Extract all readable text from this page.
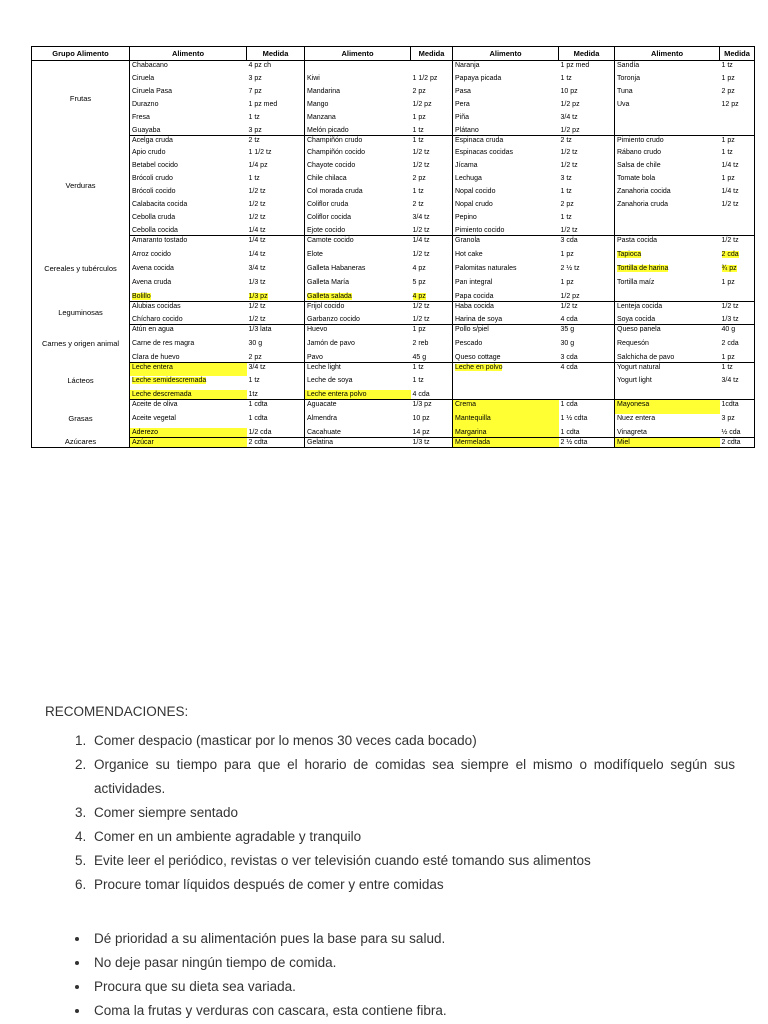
Grupo Alimento	Alimento	Medida	Alimento	Medida	Alimento	Medida	Alimento	Medida
Frutas	Chabacano	4 pz ch			Naranja	1 pz med	Sandía	1 tz

	Ciruela	3 pz	Kiwi	1 1/2 pz	Papaya picada	1 tz	Toronja	1 pz

	Ciruela Pasa	7 pz	Mandarina	2 pz	Pasa	10 pz	Tuna	2 pz

	Durazno	1 pz med	Mango	1/2 pz	Pera	1/2 pz	Uva	12 pz

	Fresa	1 tz	Manzana	1 pz	Piña	3/4 tz		

	Guayaba	3 pz	Melón picado	1 tz	Plátano	1/2 pz		

Verduras	Acelga cruda	2 tz	Champiñón crudo	1 tz	Espinaca cruda	2 tz	Pimiento crudo	1 pz

	Apio crudo	1 1/2 tz	Champiñón cocido	1/2 tz	Espinacas cocidas	1/2 tz	Rábano crudo	1 tz

	Betabel cocido	1/4 pz	Chayote cocido	1/2 tz	Jícama	1/2 tz	Salsa de chile	1/4 tz

	Brócoli crudo	1 tz	Chile chilaca	2 pz	Lechuga	3 tz	Tomate bola	1 pz

	Brócoli cocido	1/2 tz	Col morada cruda	1 tz	Nopal cocido	1 tz	Zanahoria cocida	1/4 tz

	Calabacita cocida	1/2 tz	Coliflor cruda	2 tz	Nopal crudo	2 pz	Zanahoria cruda	1/2 tz

	Cebolla cruda	1/2 tz	Coliflor cocida	3/4 tz	Pepino	1 tz		

	Cebolla cocida	1/4 tz	Ejote cocido	1/2 tz	Pimiento cocido	1/2 tz		

Cereales y tubérculos	Amaranto tostado	1/4 tz	Camote cocido	1/4 tz	Granola	3 cda	Pasta cocida	1/2 tz

	Arroz cocido	1/4 tz	Elote	1/2 tz	Hot cake	1 pz	Tapioca	2 cda

	Avena cocida	3/4 tz	Galleta Habaneras	4 pz	Palomitas naturales	2 ½ tz	Tortilla de harina	¾ pz

	Avena cruda	1/3 tz	Galleta María	5 pz	Pan integral	1 pz	Tortilla maíz	1 pz

	Bolillo	1/3 pz	Galleta salada	4 pz	Papa cocida	1/2 pz		

Leguminosas	Alubias cocidas	1/2 tz	Frijol cocido	1/2 tz	Haba cocida	1/2 tz	Lenteja cocida	1/2 tz

	Chícharo cocido	1/2 tz	Garbanzo cocido	1/2 tz	Harina de soya	4 cda	Soya cocida	1/3 tz

Carnes y origen animal	Atún en agua	1/3 lata	Huevo	1 pz	Pollo s/piel	35 g	Queso panela	40 g

	Carne de res magra	30 g	Jamón de pavo	2 reb	Pescado	30 g	Requesón	2 cda

	Clara de huevo	2 pz	Pavo	45 g	Queso cottage	3 cda	Salchicha de pavo	1 pz

Lácteos	Leche entera	3/4 tz	Leche light	1 tz	Leche en polvo	4 cda	Yogurt natural	1 tz

	Leche semidescremada	1 tz	Leche de soya	1 tz			Yogurt light	3/4 tz

	Leche descremada	1tz	Leche entera polvo	4 cda				

Grasas	Aceite de oliva	1 cdta	Aguacate	1/3 pz	Crema	1 cda	Mayonesa	1cdta

	Aceite vegetal	1 cdta	Almendra	10 pz	Mantequilla	1 ½ cdta	Nuez entera	3 pz

	Aderezo	1/2 cda	Cacahuate	14 pz	Margarina	1 cdta	Vinagreta	½ cda

Azúcares	Azúcar	2 cdta	Gelatina	1/3 tz	Mermelada	2 ½ cdta	Miel	2 cdta

RECOMENDACIONES:

1. Comer despacio (masticar por lo menos 30 veces cada bocado)
2. Organice su tiempo para que el horario de comidas sea siempre el mismo o modifíquelo según sus actividades.
3. Comer siempre sentado
4. Comer en un ambiente agradable y tranquilo
5. Evite leer el periódico, revistas o ver televisión cuando esté tomando sus alimentos
6. Procure tomar líquidos después de comer y entre comidas
• Dé prioridad a su alimentación pues la base para su salud.
• No deje pasar ningún tiempo de comida.
• Procura que su dieta sea variada.
• Coma la frutas y verduras con cascara, esta contiene fibra.
